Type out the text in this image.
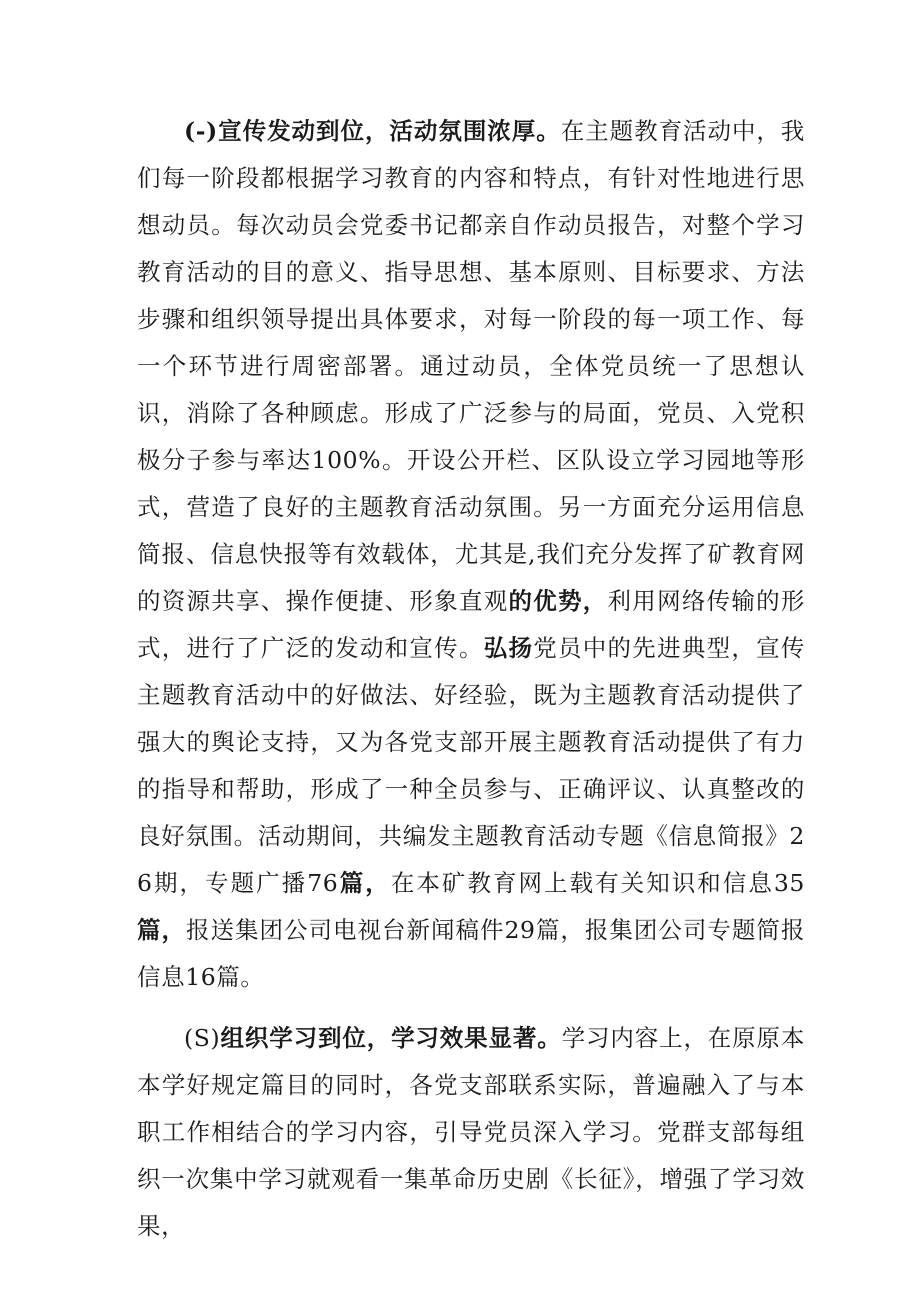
(-)宣传发动到位，活动氛围浓厚。在主题教育活动中，我们每一阶段都根据学习教育的内容和特点，有针对性地进行思想动员。每次动员会党委书记都亲自作动员报告，对整个学习教育活动的目的意义、指导思想、基本原则、目标要求、方法步骤和组织领导提出具体要求，对每一阶段的每一项工作、每一个环节进行周密部署。通过动员，全体党员统一了思想认识，消除了各种顾虑。形成了广泛参与的局面，党员、入党积极分子参与率达100%。开设公开栏、区队设立学习园地等形式，营造了良好的主题教育活动氛围。另一方面充分运用信息简报、信息快报等有效载体，尤其是,我们充分发挥了矿教育网的资源共享、操作便捷、形象直观的优势，利用网络传输的形式，进行了广泛的发动和宣传。弘扬党员中的先进典型，宣传主题教育活动中的好做法、好经验，既为主题教育活动提供了强大的舆论支持，又为各党支部开展主题教育活动提供了有力的指导和帮助，形成了一种全员参与、正确评议、认真整改的良好氛围。活动期间，共编发主题教育活动专题《信息简报》26期，专题广播76篇，在本矿教育网上载有关知识和信息35篇，报送集团公司电视台新闻稿件29篇，报集团公司专题简报信息16篇。

(S)组织学习到位，学习效果显著。学习内容上，在原原本本学好规定篇目的同时，各党支部联系实际，普遍融入了与本职工作相结合的学习内容，引导党员深入学习。党群支部每组织一次集中学习就观看一集革命历史剧《长征》，增强了学习效果，
